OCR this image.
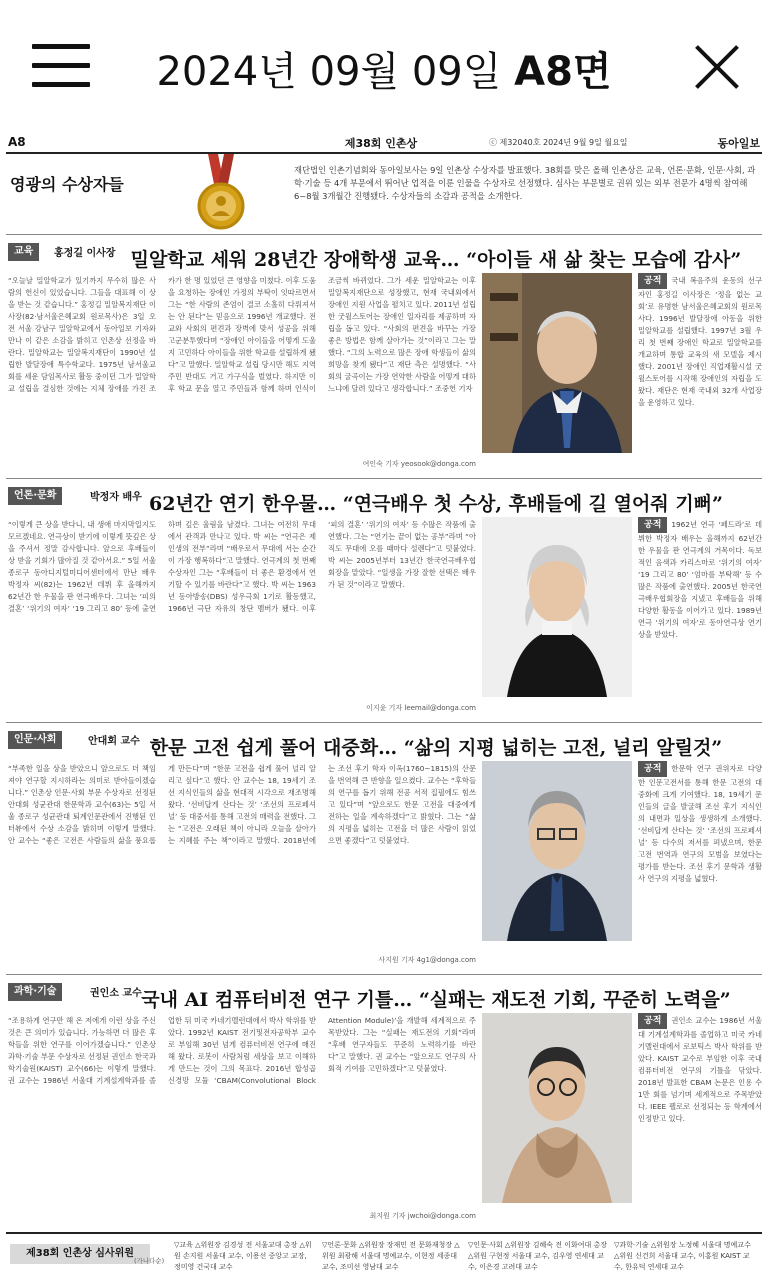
2024년 09월 09일 A8면
A8	제38회 인촌상	ⓒ 제32040호 2024년 9월 9일 월요일	동아일보
영광의 수상자들
재단법인 인촌기념회와 동아일보사는 9일 인촌상 수상자를 발표했다. 38회를 맞은 올해 인촌상은 교육, 언론·문화, 인문·사회, 과학·기술 등 4개 부문에서 뛰어난 업적을 이룬 인물을 수상자로 선정했다. 심사는 부문별로 권위 있는 외부 전문가 4명씩 참여해 6~8월 3개월간 진행됐다. 수상자들의 소감과 공적을 소개한다.
교육	홍정길 이사장 밀알학교 세워 28년간 장애학생 교육… “아이들 새 삶 찾는 모습에 감사”
“오늘날 밀알학교가 있기까지 무수히 많은 사람의 헌신이 있었습니다. 그들을 대표해 이 상을 받는 것 같습니다.” 홍정길 밀알복지재단 이사장(82·남서울은혜교회 원로목사)은 3일 오전 서울 강남구 밀알학교에서 동아일보 기자와 만나 이 같은 소감을 밝히고 인촌상 선정을 바란다. 밀알학교는 밀알복지재단이 1990년 설립한 발달장애 특수학교다. 1975년 남서울교회를 세운 담임목사로 활동 중이던 그가 밀알학교 설립을 결심한 것에는 지체 장애를 가진 조카가 한 명 있었던 큰 영향을 미쳤다. 이후 도움을 요청하는 장애인 가정의 부탁이 잇따르면서 그는 “한 사람의 존엄이 결코 소홀히 다뤄져서는 안 된다”는 믿음으로 1996년 개교했다. 전교와 사회의 편견과 장벽에 맞서 성공을 위해 고군분투했다며 “장애인 아이들을 어떻게 도울지 고민하다 아이들을 위한 학교를 설립하게 됐다”고 말했다. 밀알학교 설립 당시만 해도 지역 주민 반대도 거고 가구식을 벌였다. 하지만 이후 학교 문을 열고 주민들과 함께 하며 인식이 조금씩 바뀌었다. 그가 세운 밀알학교는 이후 밀알복지재단으로 성장했고, 현재 국내외에서 장애인 지원 사업을 펼치고 있다. 2011년 설립한 굿윌스토어는 장애인 일자리를 제공하며 자립을 돕고 있다. “사회의 편견을 바꾸는 가장 좋은 방법은 함께 살아가는 것”이라고 그는 말했다. “그의 노력으로 많은 장애 학생들이 삶의 희망을 찾게 됐다”고 재단 측은 설명했다. “사회의 굴곡이는 가장 연약한 사람을 어떻게 대하느냐에 달려 있다고 생각합니다.” 조중헌 기자
여인숙 기자 yeosook@donga.com
공적 국내 복음주의 운동의 선구자인 홍정길 이사장은 ‘정을 없는 교회’로 유명한 남서울은혜교회의 원로목사다. 1996년 발달장애 아동을 위한 밀알학교를 설립했다. 1997년 3월 우리 첫 번째 장애인 학교로 밀알학교를 개교하며 통합 교육의 새 모델을 제시했다. 2001년 장애인 직업재활시설 굿윌스토어를 시작해 장애인의 자립을 도왔다. 재단은 현재 국내외 32개 사업장을 운영하고 있다.
언론·문화	박정자 배우 62년간 연기 한우물… “연극배우 첫 수상, 후배들에 길 열어줘 기뻐”
“이렇게 큰 상을 받다니, 내 생애 마지막일지도 모르겠네요. 연극상이 받기에 이렇게 뜻깊은 상을 주셔서 정말 감사합니다. 앞으로 후배들이 상 받을 기회가 많아질 것 같아서요.” 5일 서울 종로구 동아디지털미디어센터에서 만난 배우 박정자 씨(82)는 1962년 데뷔 후 올해까지 62년간 한 우물을 판 연극배우다. 그녀는 ‘피의 결혼’ ‘위기의 여자’ ‘19 그리고 80’ 등에 출연하며 깊은 울림을 남겼다. 그녀는 여전히 무대에서 관객과 만나고 있다. 박 씨는 “연극은 제 인생의 전부”라며 “배우로서 무대에 서는 순간이 가장 행복하다”고 말했다. 연극계의 첫 번째 수상자인 그는 “후배들이 더 좋은 환경에서 연기할 수 있기를 바란다”고 했다. 박 씨는 1963년 동아방송(DBS) 성우극회 1기로 활동했고, 1966년 극단 자유의 창단 멤버가 됐다. 이후 ‘피의 결혼’ ‘위기의 여자’ 등 수많은 작품에 출연했다. 그는 “연기는 끝이 없는 공부”라며 “아직도 무대에 오를 때마다 설렌다”고 덧붙였다. 박 씨는 2005년부터 13년간 한국연극배우협회장을 맡았다. “일생을 가장 잘한 선택은 배우가 된 것”이라고 말했다.
이지윤 기자 leemail@donga.com
공적 1962년 연극 ‘페드라’로 데뷔한 박정자 배우는 올해까지 62년간 한 우물을 판 연극계의 거목이다. 독보적인 음색과 카리스마로 ‘위기의 여자’ ‘19 그리고 80’ ‘엄마를 부탁해’ 등 수많은 작품에 출연했다. 2005년 한국연극배우협회장을 지냈고 후배들을 위해 다양한 활동을 이어가고 있다. 1989년 연극 ‘위기의 여자’로 동아연극상 연기상을 받았다.
인문·사회	안대회 교수 한문 고전 쉽게 풀어 대중화… “삶의 지평 넓히는 고전, 널리 알릴것”
“부족한 일을 상을 받았으니 앞으로도 더 책임져야 연구할 지시하라는 의미로 받아들이겠습니다.” 인촌상 인문·사회 부문 수상자로 선정된 안대회 성균관대 한문학과 교수(63)는 5일 서울 종로구 성균관대 퇴계인문관에서 진행된 인터뷰에서 수상 소감을 밝히며 이렇게 말했다. 안 교수는 “좋은 고전은 사람들의 삶을 풍요롭게 만든다”며 “한문 고전을 쉽게 풀어 널리 알리고 싶다”고 했다. 안 교수는 18, 19세기 조선 지식인들의 삶을 현대적 시각으로 재조명해 왔다. ‘선비답게 산다는 것’ ‘조선의 프로페셔널’ 등 대중서를 통해 고전의 매력을 전했다. 그는 “고전은 오래된 책이 아니라 오늘을 살아가는 지혜를 주는 책”이라고 말했다. 2018년에는 조선 후기 학자 이옥(1760∼1815)의 산문을 번역해 큰 반향을 일으켰다. 교수는 “후학들의 연구를 돕기 위해 전공 서적 집필에도 힘쓰고 있다”며 “앞으로도 한문 고전을 대중에게 전하는 일을 계속하겠다”고 밝혔다. 그는 “삶의 지평을 넓히는 고전을 더 많은 사람이 읽었으면 좋겠다”고 덧붙였다.
사지원 기자 4g1@donga.com
공적 한문학 연구 권위자로 다양한 인문고전서를 통해 한문 고전의 대중화에 크게 기여했다. 18, 19세기 문인들의 글을 발굴해 조선 후기 지식인의 내면과 일상을 생생하게 소개했다. ‘선비답게 산다는 것’ ‘조선의 프로페셔널’ 등 다수의 저서를 펴냈으며, 한문 고전 번역과 연구의 모범을 보였다는 평가를 받는다. 조선 후기 문학과 생활사 연구의 지평을 넓혔다.
과학·기술	권인소 교수 국내 AI 컴퓨터비전 연구 기틀… “실패는 재도전 기회, 꾸준히 노력을”
“조용하게 연구만 해 온 저에게 이런 상을 주신 것은 큰 의미가 있습니다. 가능하면 더 많은 후학들을 위한 연구를 이어가겠습니다.” 인촌상 과학·기술 부문 수상자로 선정된 권인소 한국과학기술원(KAIST) 교수(66)는 이렇게 말했다. 권 교수는 1986년 서울대 기계설계학과를 졸업한 뒤 미국 카네기멜런대에서 박사 학위를 받았다. 1992년 KAIST 전기및전자공학부 교수로 부임해 30년 넘게 컴퓨터비전 연구에 매진해 왔다. 로봇이 사람처럼 세상을 보고 이해하게 만드는 것이 그의 목표다. 2016년 합성곱 신경망 모듈 ‘CBAM(Convolutional Block Attention Module)’을 개발해 세계적으로 주목받았다. 그는 “실패는 재도전의 기회”라며 “후배 연구자들도 꾸준히 노력하기를 바란다”고 말했다. 권 교수는 “앞으로도 연구의 사회적 기여를 고민하겠다”고 덧붙였다.
최지원 기자 jwchoi@donga.com
공적 권인소 교수는 1986년 서울대 기계설계학과를 졸업하고 미국 카네기멜런대에서 로보틱스 박사 학위를 받았다. KAIST 교수로 부임한 이후 국내 컴퓨터비전 연구의 기틀을 닦았다. 2018년 발표한 CBAM 논문은 인용 수 1만 회를 넘기며 세계적으로 주목받았다. IEEE 펠로로 선정되는 등 학계에서 인정받고 있다.
제38회 인촌상 심사위원
(가나다순)
▽교육 △위원장 김경성 전 서울교대 총장 △위원 손지원 서울대 교수, 이용선 중앙고 교장, 정미영 건국대 교수
▽언론·문화 △위원장 장재민 전 문화재청장 △위원 최광해 서울대 명예교수, 이현정 세종대 교수, 조미선 영남대 교수
▽인문·사회 △위원장 김혜숙 전 이화여대 총장 △위원 구현정 서울대 교수, 김우영 연세대 교수, 이은경 고려대 교수
▽과학·기술 △위원장 노정혜 서울대 명예교수 △위원 신건희 서울대 교수, 이홍원 KAIST 교수, 한유덕 연세대 교수
